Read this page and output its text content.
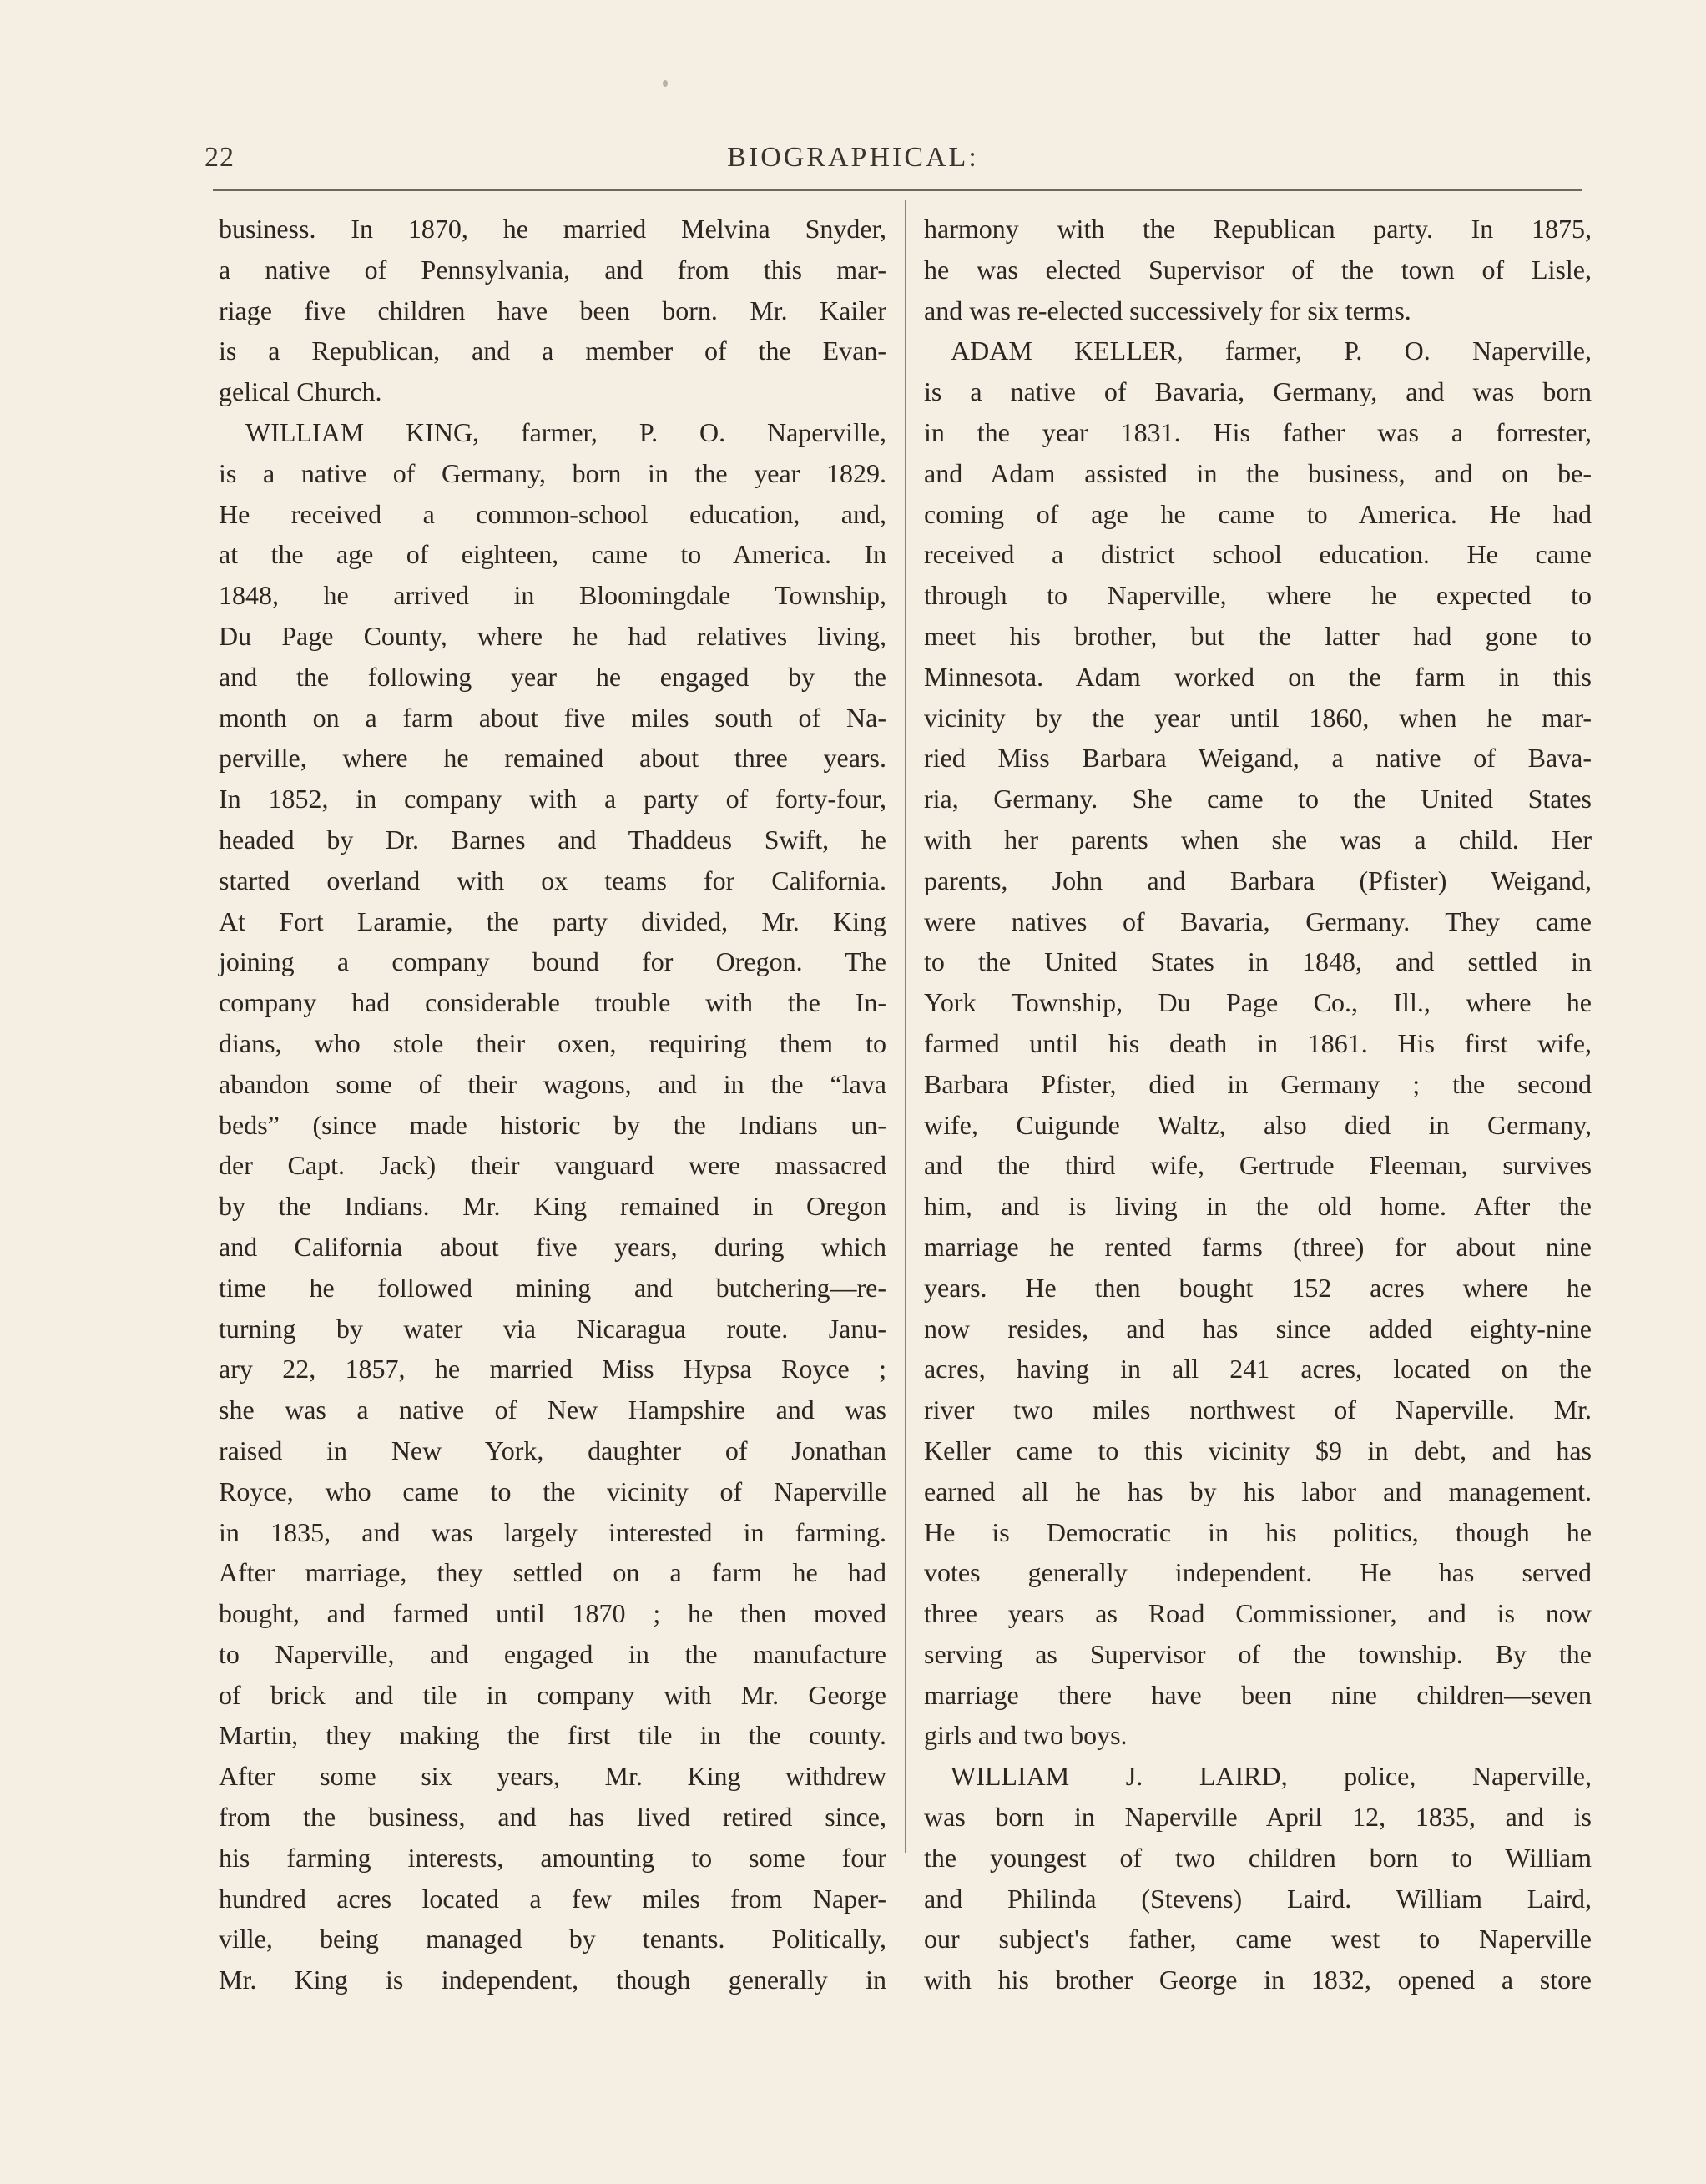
22	BIOGRAPHICAL:
business. In 1870, he married Melvina Snyder,
a native of Pennsylvania, and from this mar-
riage five children have been born. Mr. Kailer
is a Republican, and a member of the Evan-
gelical Church.
WILLIAM KING, farmer, P. O. Naperville,
is a native of Germany, born in the year 1829.
He received a common-school education, and,
at the age of eighteen, came to America. In
1848, he arrived in Bloomingdale Township,
Du Page County, where he had relatives living,
and the following year he engaged by the
month on a farm about five miles south of Na-
perville, where he remained about three years.
In 1852, in company with a party of forty-four,
headed by Dr. Barnes and Thaddeus Swift, he
started overland with ox teams for California.
At Fort Laramie, the party divided, Mr. King
joining a company bound for Oregon. The
company had considerable trouble with the In-
dians, who stole their oxen, requiring them to
abandon some of their wagons, and in the “lava
beds” (since made historic by the Indians un-
der Capt. Jack) their vanguard were massacred
by the Indians. Mr. King remained in Oregon
and California about five years, during which
time he followed mining and butchering—re-
turning by water via Nicaragua route. Janu-
ary 22, 1857, he married Miss Hypsa Royce ;
she was a native of New Hampshire and was
raised in New York, daughter of Jonathan
Royce, who came to the vicinity of Naperville
in 1835, and was largely interested in farming.
After marriage, they settled on a farm he had
bought, and farmed until 1870 ; he then moved
to Naperville, and engaged in the manufacture
of brick and tile in company with Mr. George
Martin, they making the first tile in the county.
After some six years, Mr. King withdrew
from the business, and has lived retired since,
his farming interests, amounting to some four
hundred acres located a few miles from Naper-
ville, being managed by tenants. Politically,
Mr. King is independent, though generally in
harmony with the Republican party. In 1875,
he was elected Supervisor of the town of Lisle,
and was re-elected successively for six terms.
ADAM KELLER, farmer, P. O. Naperville,
is a native of Bavaria, Germany, and was born
in the year 1831. His father was a forrester,
and Adam assisted in the business, and on be-
coming of age he came to America. He had
received a district school education. He came
through to Naperville, where he expected to
meet his brother, but the latter had gone to
Minnesota. Adam worked on the farm in this
vicinity by the year until 1860, when he mar-
ried Miss Barbara Weigand, a native of Bava-
ria, Germany. She came to the United States
with her parents when she was a child. Her
parents, John and Barbara (Pfister) Weigand,
were natives of Bavaria, Germany. They came
to the United States in 1848, and settled in
York Township, Du Page Co., Ill., where he
farmed until his death in 1861. His first wife,
Barbara Pfister, died in Germany ; the second
wife, Cuigunde Waltz, also died in Germany,
and the third wife, Gertrude Fleeman, survives
him, and is living in the old home. After the
marriage he rented farms (three) for about nine
years. He then bought 152 acres where he
now resides, and has since added eighty-nine
acres, having in all 241 acres, located on the
river two miles northwest of Naperville. Mr.
Keller came to this vicinity $9 in debt, and has
earned all he has by his labor and management.
He is Democratic in his politics, though he
votes generally independent. He has served
three years as Road Commissioner, and is now
serving as Supervisor of the township. By the
marriage there have been nine children—seven
girls and two boys.
WILLIAM J. LAIRD, police, Naperville,
was born in Naperville April 12, 1835, and is
the youngest of two children born to William
and Philinda (Stevens) Laird. William Laird,
our subject's father, came west to Naperville
with his brother George in 1832, opened a store
